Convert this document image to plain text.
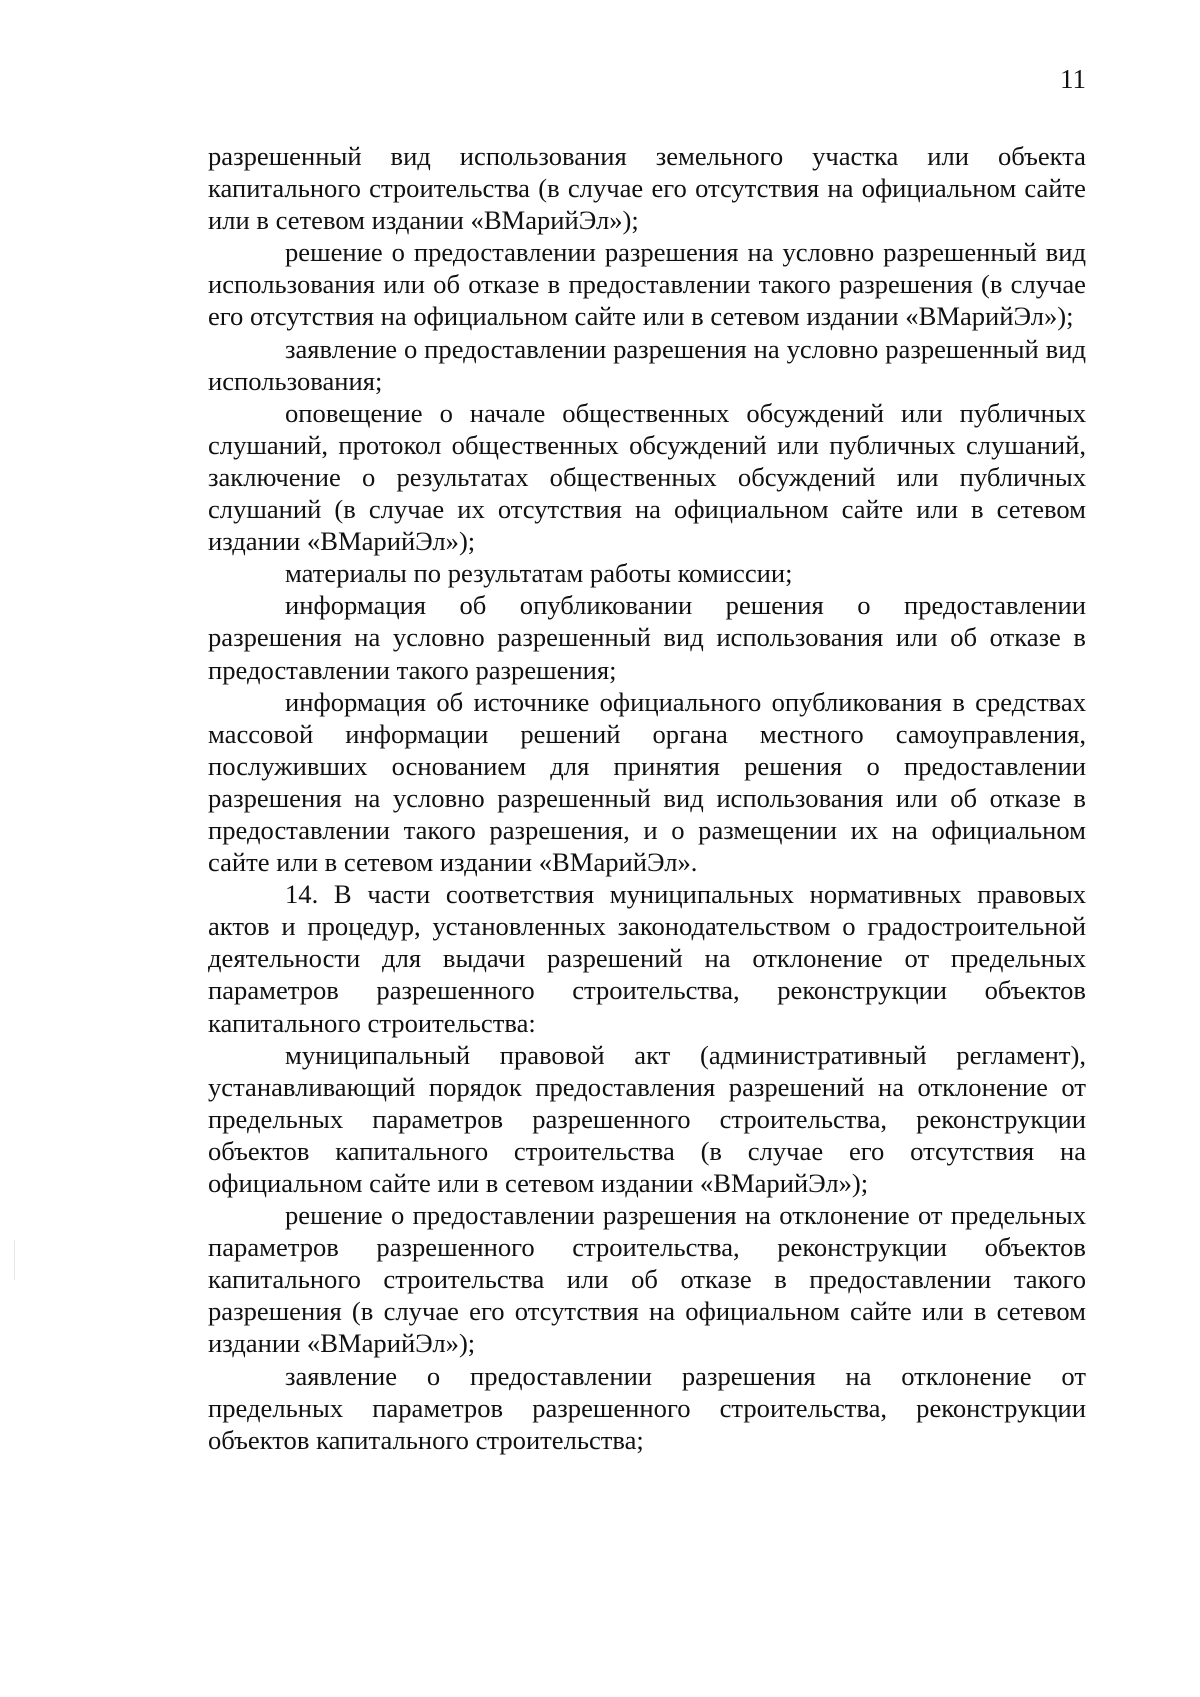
11

разрешенный вид использования земельного участка или объекта капитального строительства (в случае его отсутствия на официальном сайте или в сетевом издании «ВМарийЭл»);

решение о предоставлении разрешения на условно разрешенный вид использования или об отказе в предоставлении такого разрешения (в случае его отсутствия на официальном сайте или в сетевом издании «ВМарийЭл»);

заявление о предоставлении разрешения на условно разрешенный вид использования;

оповещение о начале общественных обсуждений или публичных слушаний, протокол общественных обсуждений или публичных слушаний, заключение о результатах общественных обсуждений или публичных слушаний (в случае их отсутствия на официальном сайте или в сетевом издании «ВМарийЭл»);

материалы по результатам работы комиссии;

информация об опубликовании решения о предоставлении разрешения на условно разрешенный вид использования или об отказе в предоставлении такого разрешения;

информация об источнике официального опубликования в средствах массовой информации решений органа местного самоуправления, послуживших основанием для принятия решения о предоставлении разрешения на условно разрешенный вид использования или об отказе в предоставлении такого разрешения, и о размещении их на официальном сайте или в сетевом издании «ВМарийЭл».

14. В части соответствия муниципальных нормативных правовых актов и процедур, установленных законодательством о градостроительной деятельности для выдачи разрешений на отклонение от предельных параметров разрешенного строительства, реконструкции объектов капитального строительства:

муниципальный правовой акт (административный регламент), устанавливающий порядок предоставления разрешений на отклонение от предельных параметров разрешенного строительства, реконструкции объектов капитального строительства (в случае его отсутствия на официальном сайте или в сетевом издании «ВМарийЭл»);

решение о предоставлении разрешения на отклонение от предельных параметров разрешенного строительства, реконструкции объектов капитального строительства или об отказе в предоставлении такого разрешения (в случае его отсутствия на официальном сайте или в сетевом издании «ВМарийЭл»);

заявление о предоставлении разрешения на отклонение от предельных параметров разрешенного строительства, реконструкции объектов капитального строительства;
